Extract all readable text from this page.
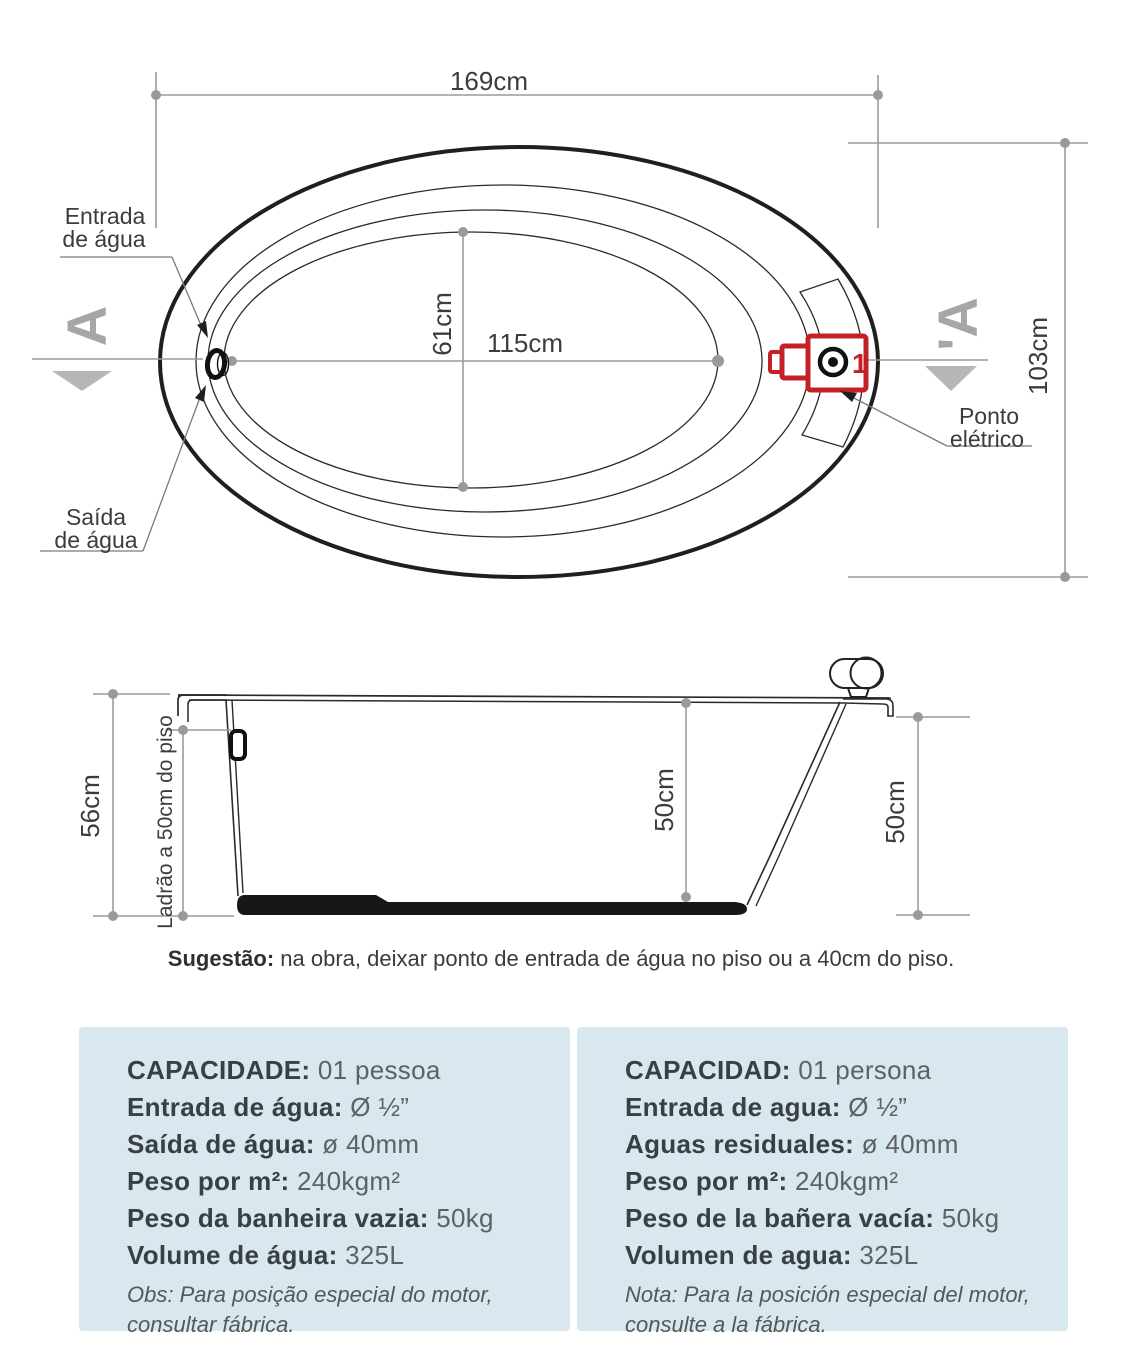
A	'A
169cm
103cm
115cm
61cm
1
Entrada
de água
Saída
de água
Ponto
elétrico
56cm Ladrão a 50cm do piso	50cm	50cm
Sugestão: na obra, deixar ponto de entrada de água no piso ou a 40cm do piso.
CAPACIDADE: 01 pessoa
Entrada de água: Ø ½”
Saída de água: ø 40mm
Peso por m²: 240kgm²
Peso da banheira vazia: 50kg
Volume de água: 325L
Obs: Para posição especial do motor,
consultar fábrica.
CAPACIDAD: 01 persona
Entrada de agua: Ø ½”
Aguas residuales: ø 40mm
Peso por m²: 240kgm²
Peso de la bañera vacía: 50kg
Volumen de agua: 325L
Nota: Para la posición especial del motor,
consulte a la fábrica.
